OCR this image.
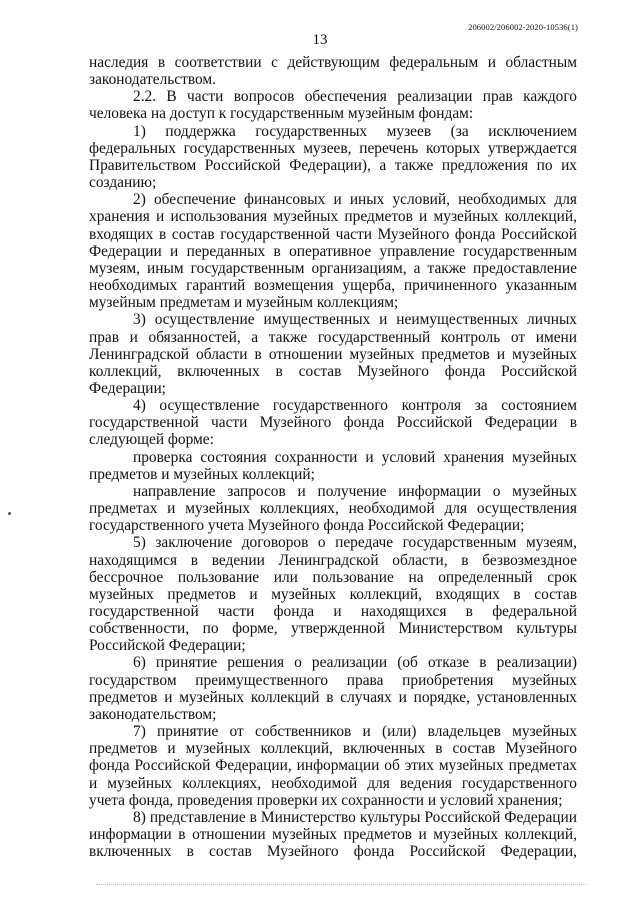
206002/206002-2020-10536(1)
13

наследия в соответствии с действующим федеральным и областным законодательством.

2.2. В части вопросов обеспечения реализации прав каждого человека на доступ к государственным музейным фондам:

1) поддержка государственных музеев (за исключением федеральных государственных музеев, перечень которых утверждается Правительством Российской Федерации), а также предложения по их созданию;

2) обеспечение финансовых и иных условий, необходимых для хранения и использования музейных предметов и музейных коллекций, входящих в состав государственной части Музейного фонда Российской Федерации и переданных в оперативное управление государственным музеям, иным государственным организациям, а также предоставление необходимых гарантий возмещения ущерба, причиненного указанным музейным предметам и музейным коллекциям;

3) осуществление имущественных и неимущественных личных прав и обязанностей, а также государственный контроль от имени Ленинградской области в отношении музейных предметов и музейных коллекций, включенных в состав Музейного фонда Российской Федерации;

4) осуществление государственного контроля за состоянием государственной части Музейного фонда Российской Федерации в следующей форме:

проверка состояния сохранности и условий хранения музейных предметов и музейных коллекций;

направление запросов и получение информации о музейных предметах и музейных коллекциях, необходимой для осуществления государственного учета Музейного фонда Российской Федерации;

5) заключение договоров о передаче государственным музеям, находящимся в ведении Ленинградской области, в безвозмездное бессрочное пользование или пользование на определенный срок музейных предметов и музейных коллекций, входящих в состав государственной части фонда и находящихся в федеральной собственности, по форме, утвержденной Министерством культуры Российской Федерации;

6) принятие решения о реализации (об отказе в реализации) государством преимущественного права приобретения музейных предметов и музейных коллекций в случаях и порядке, установленных законодательством;

7) принятие от собственников и (или) владельцев музейных предметов и музейных коллекций, включенных в состав Музейного фонда Российской Федерации, информации об этих музейных предметах и музейных коллекциях, необходимой для ведения государственного учета фонда, проведения проверки их сохранности и условий хранения;

8) представление в Министерство культуры Российской Федерации информации в отношении музейных предметов и музейных коллекций, включенных в состав Музейного фонда Российской Федерации,
